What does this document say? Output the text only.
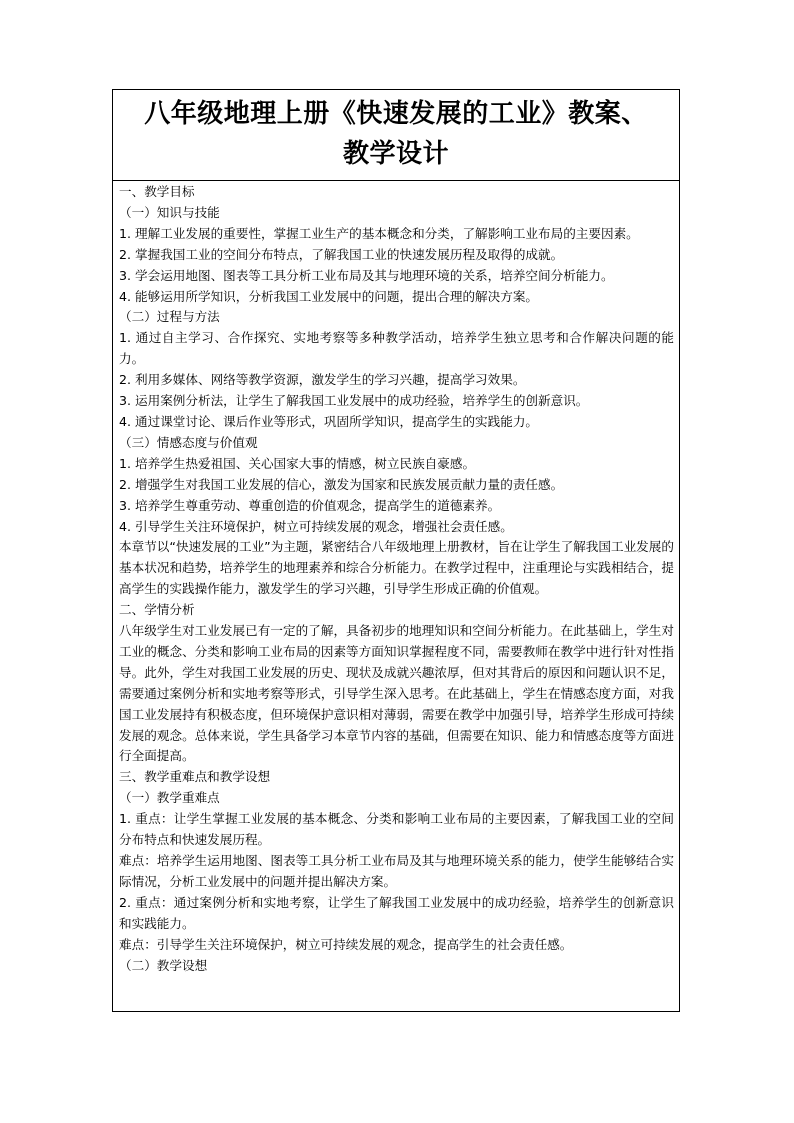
八年级地理上册《快速发展的工业》教案、
教学设计

一、教学目标

（一）知识与技能

1. 理解工业发展的重要性，掌握工业生产的基本概念和分类，了解影响工业布局的主要因素。

2. 掌握我国工业的空间分布特点，了解我国工业的快速发展历程及取得的成就。

3. 学会运用地图、图表等工具分析工业布局及其与地理环境的关系，培养空间分析能力。

4. 能够运用所学知识，分析我国工业发展中的问题，提出合理的解决方案。

（二）过程与方法

1. 通过自主学习、合作探究、实地考察等多种教学活动，培养学生独立思考和合作解决问题的能力。

2. 利用多媒体、网络等教学资源，激发学生的学习兴趣，提高学习效果。

3. 运用案例分析法，让学生了解我国工业发展中的成功经验，培养学生的创新意识。

4. 通过课堂讨论、课后作业等形式，巩固所学知识，提高学生的实践能力。

（三）情感态度与价值观

1. 培养学生热爱祖国、关心国家大事的情感，树立民族自豪感。

2. 增强学生对我国工业发展的信心，激发为国家和民族发展贡献力量的责任感。

3. 培养学生尊重劳动、尊重创造的价值观念，提高学生的道德素养。

4. 引导学生关注环境保护，树立可持续发展的观念，增强社会责任感。

本章节以“快速发展的工业”为主题，紧密结合八年级地理上册教材，旨在让学生了解我国工业发展的基本状况和趋势，培养学生的地理素养和综合分析能力。在教学过程中，注重理论与实践相结合，提高学生的实践操作能力，激发学生的学习兴趣，引导学生形成正确的价值观。

二、学情分析

八年级学生对工业发展已有一定的了解，具备初步的地理知识和空间分析能力。在此基础上，学生对工业的概念、分类和影响工业布局的因素等方面知识掌握程度不同，需要教师在教学中进行针对性指导。此外，学生对我国工业发展的历史、现状及成就兴趣浓厚，但对其背后的原因和问题认识不足，需要通过案例分析和实地考察等形式，引导学生深入思考。在此基础上，学生在情感态度方面，对我国工业发展持有积极态度，但环境保护意识相对薄弱，需要在教学中加强引导，培养学生形成可持续发展的观念。总体来说，学生具备学习本章节内容的基础，但需要在知识、能力和情感态度等方面进行全面提高。

三、教学重难点和教学设想

（一）教学重难点

1. 重点：让学生掌握工业发展的基本概念、分类和影响工业布局的主要因素，了解我国工业的空间分布特点和快速发展历程。

难点：培养学生运用地图、图表等工具分析工业布局及其与地理环境关系的能力，使学生能够结合实际情况，分析工业发展中的问题并提出解决方案。

2. 重点：通过案例分析和实地考察，让学生了解我国工业发展中的成功经验，培养学生的创新意识和实践能力。

难点：引导学生关注环境保护，树立可持续发展的观念，提高学生的社会责任感。

（二）教学设想
